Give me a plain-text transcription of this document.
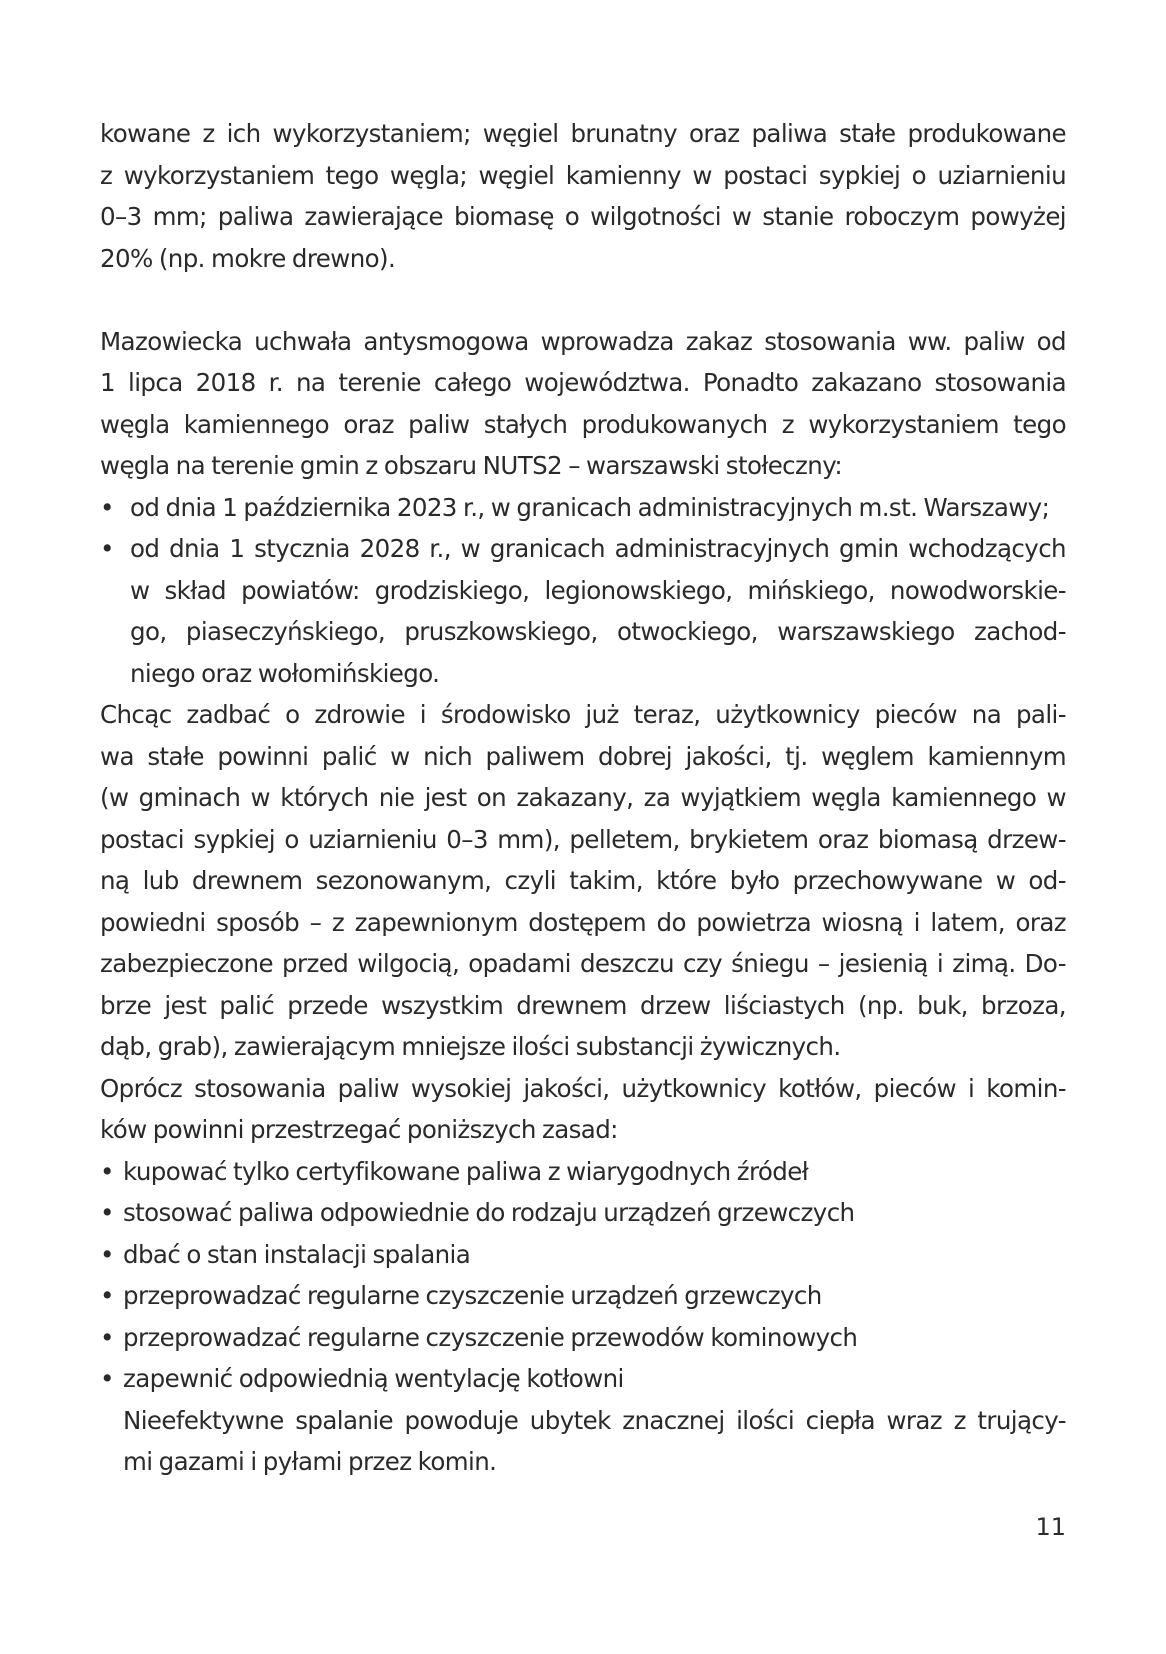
kowane z ich wykorzystaniem; węgiel brunatny oraz paliwa stałe produkowane
z wykorzystaniem tego węgla; węgiel kamienny w postaci sypkiej o uziarnieniu
0–3 mm; paliwa zawierające biomasę o wilgotności w stanie roboczym powyżej
20% (np. mokre drewno).
Mazowiecka uchwała antysmogowa wprowadza zakaz stosowania ww. paliw od
1 lipca 2018 r. na terenie całego województwa. Ponadto zakazano stosowania
węgla kamiennego oraz paliw stałych produkowanych z wykorzystaniem tego
węgla na terenie gmin z obszaru NUTS2 – warszawski stołeczny:
• od dnia 1 października 2023 r., w granicach administracyjnych m.st. Warszawy;
• od dnia 1 stycznia 2028 r., w granicach administracyjnych gmin wchodzących
w skład powiatów: grodziskiego, legionowskiego, mińskiego, nowodworskie-
go, piaseczyńskiego, pruszkowskiego, otwockiego, warszawskiego zachod-
niego oraz wołomińskiego.
Chcąc zadbać o zdrowie i środowisko już teraz, użytkownicy pieców na pali-
wa stałe powinni palić w nich paliwem dobrej jakości, tj. węglem kamiennym
(w gminach w których nie jest on zakazany, za wyjątkiem węgla kamiennego w
postaci sypkiej o uziarnieniu 0–3 mm), pelletem, brykietem oraz biomasą drzew-
ną lub drewnem sezonowanym, czyli takim, które było przechowywane w od-
powiedni sposób – z zapewnionym dostępem do powietrza wiosną i latem, oraz
zabezpieczone przed wilgocią, opadami deszczu czy śniegu – jesienią i zimą. Do-
brze jest palić przede wszystkim drewnem drzew liściastych (np. buk, brzoza,
dąb, grab), zawierającym mniejsze ilości substancji żywicznych.
Oprócz stosowania paliw wysokiej jakości, użytkownicy kotłów, pieców i komin-
ków powinni przestrzegać poniższych zasad:
• kupować tylko certyfikowane paliwa z wiarygodnych źródeł
• stosować paliwa odpowiednie do rodzaju urządzeń grzewczych
• dbać o stan instalacji spalania
• przeprowadzać regularne czyszczenie urządzeń grzewczych
• przeprowadzać regularne czyszczenie przewodów kominowych
• zapewnić odpowiednią wentylację kotłowni
Nieefektywne spalanie powoduje ubytek znacznej ilości ciepła wraz z trujący-
mi gazami i pyłami przez komin.
11
